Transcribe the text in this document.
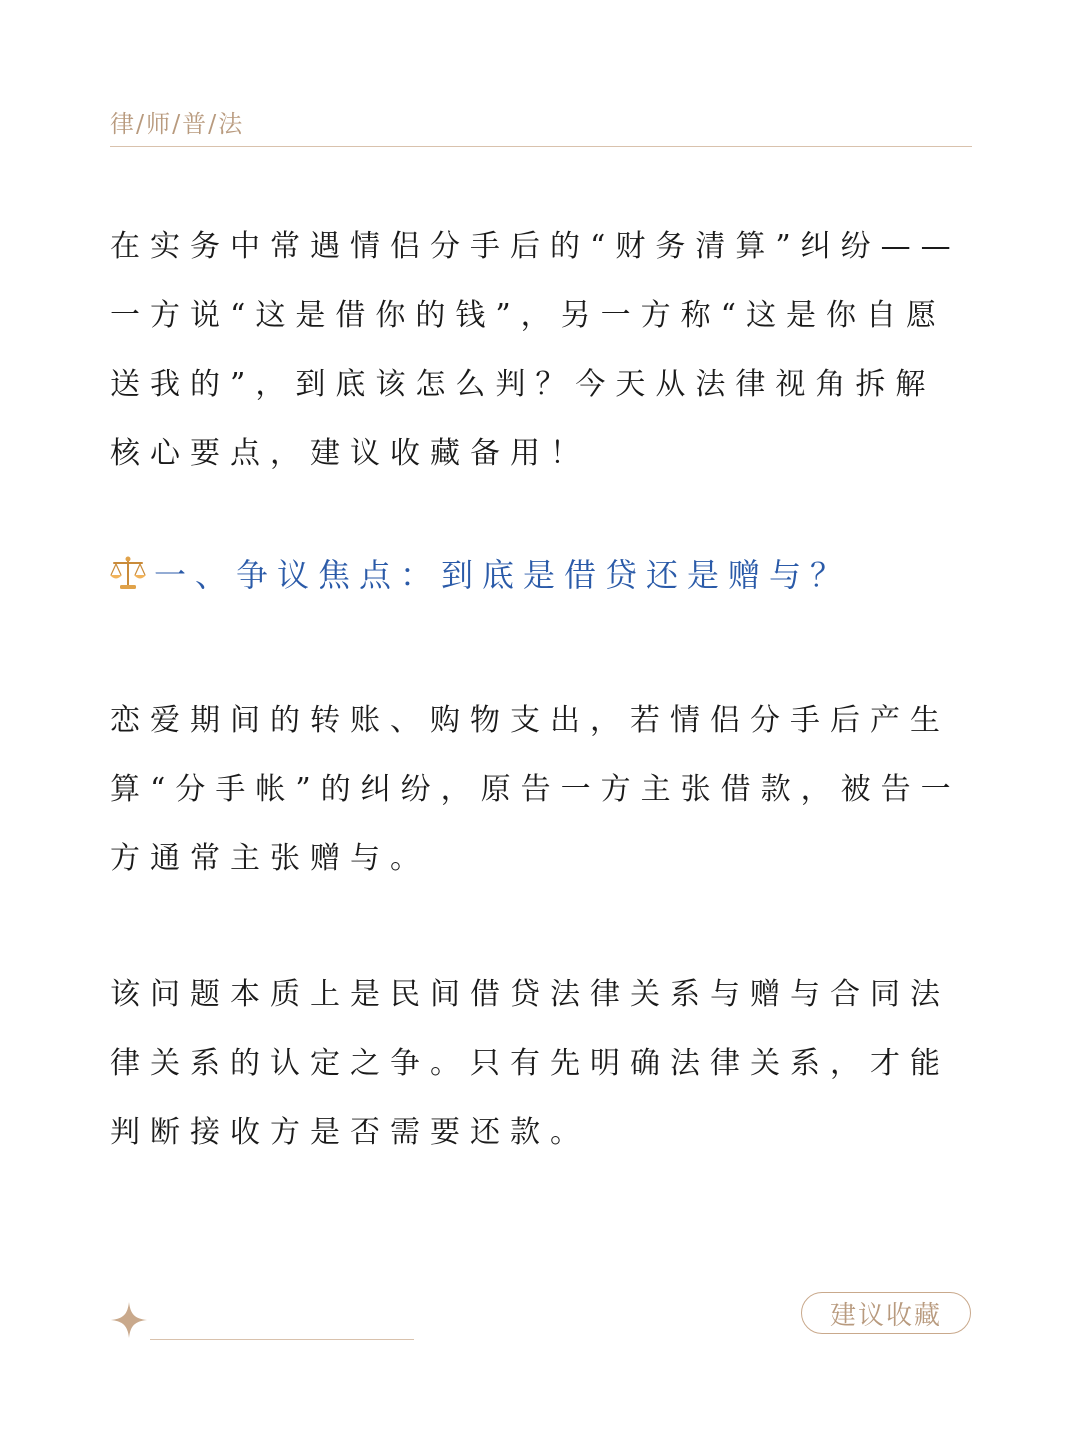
律/师/普/法

在实务中常遇情侣分手后的“财务清算”纠纷——一方说“这是借你的钱”，另一方称“这是你自愿送我的”，到底该怎么判？今天从法律视角拆解核心要点，建议收藏备用！

一、争议焦点：到底是借贷还是赠与？

恋爱期间的转账、购物支出，若情侣分手后产生算“分手帐”的纠纷，原告一方主张借款，被告一方通常主张赠与。

该问题本质上是民间借贷法律关系与赠与合同法律关系的认定之争。只有先明确法律关系，才能判断接收方是否需要还款。

建议收藏
